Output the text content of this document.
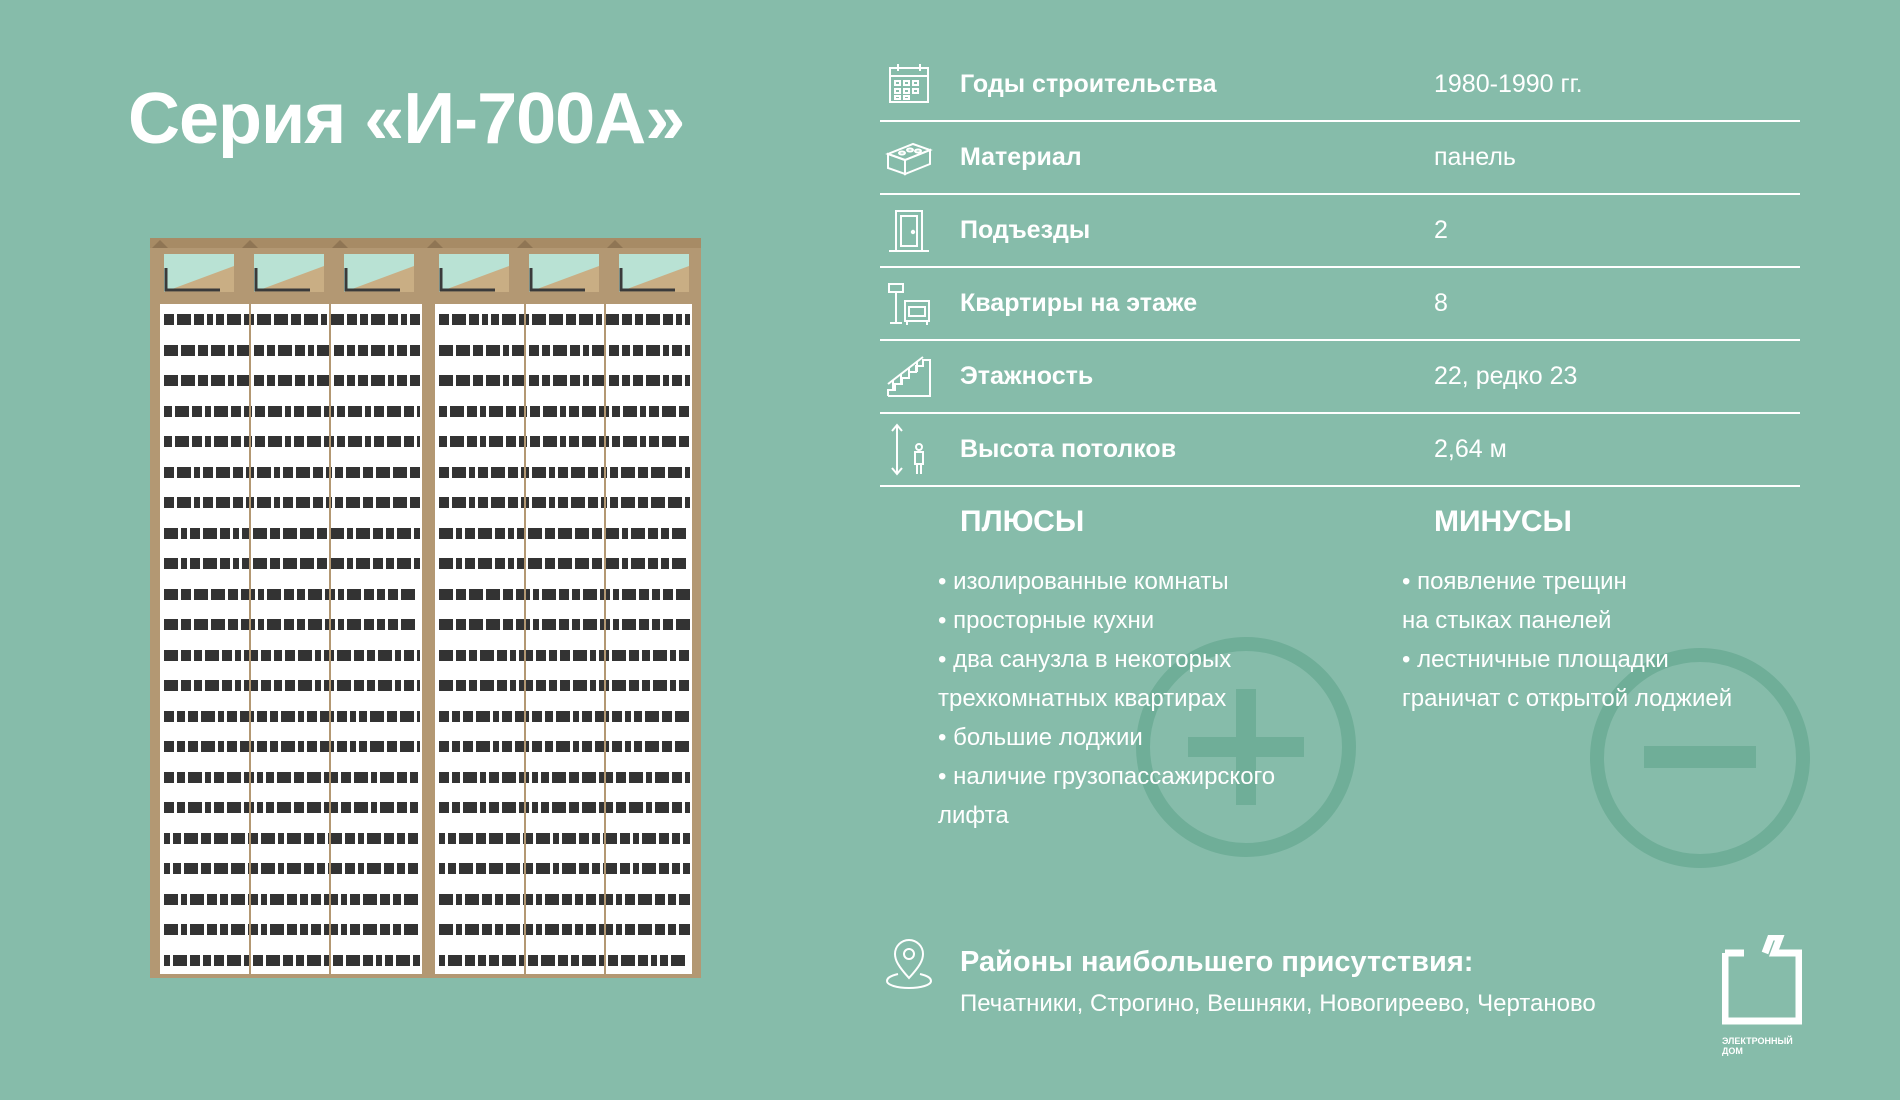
Серия «И-700А»	Годы строительства	1980-1990 гг.
Материал	панель
Подъезды	2
Квартиры на этаже	8
Этажность	22, редко 23
Высота потолков	2,64 м
ПЛЮСЫ
• изолированные комнаты
• просторные кухни
• два санузла в некоторых
трехкомнатных квартирах
• большие лоджии
• наличие грузопассажирского
лифта
МИНУСЫ
• появление трещин
на стыках панелей
• лестничные площадки
граничат с открытой лоджией
Районы наибольшего присутствия:
Печатники, Строгино, Вешняки, Новогиреево, Чертаново
ЭЛЕКТРОННЫЙ
ДОМ
